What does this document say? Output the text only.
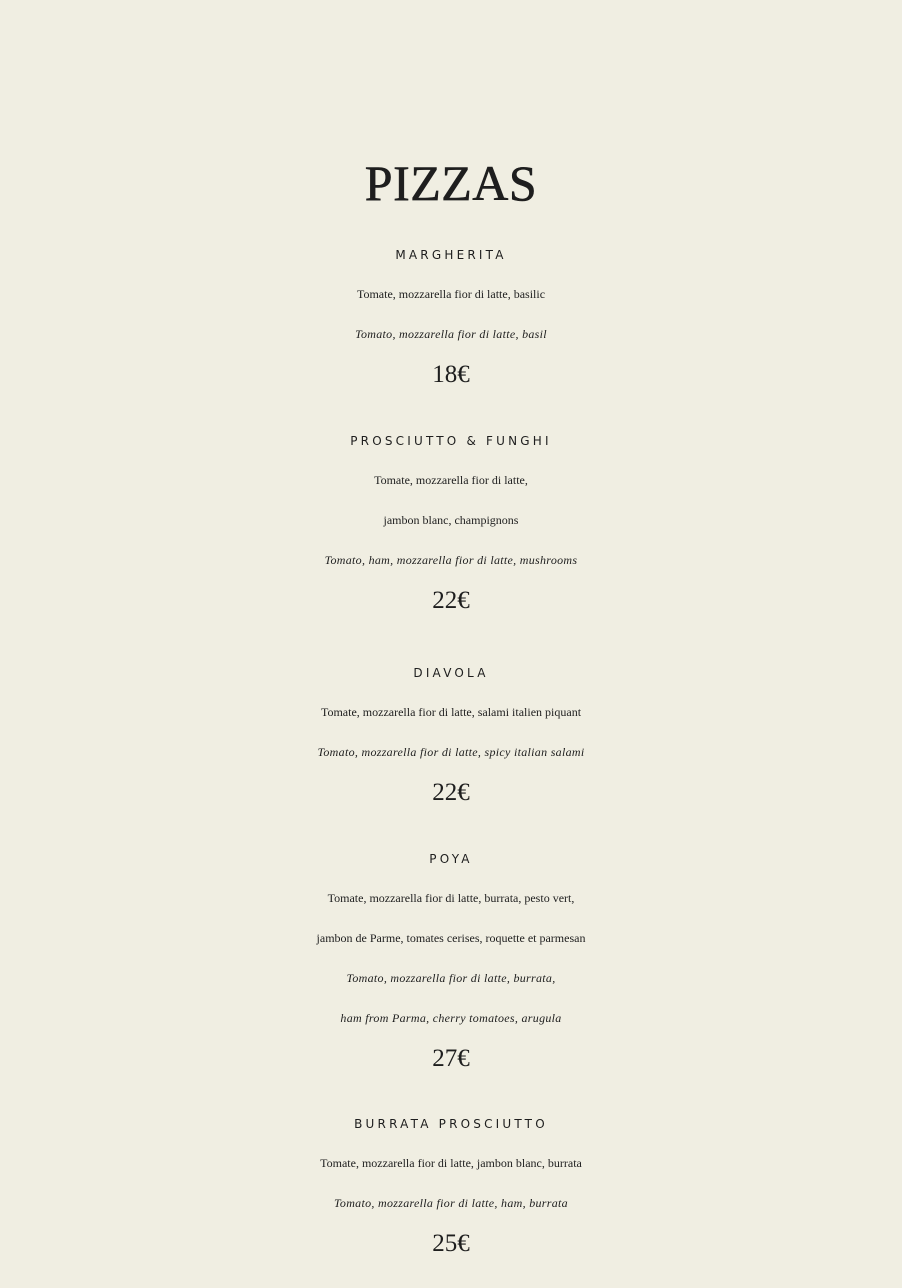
PIZZAS
MARGHERITA
Tomate, mozzarella fior di latte, basilic
Tomato, mozzarella fior di latte, basil
18€
PROSCIUTTO & FUNGHI
Tomate, mozzarella fior di latte,
jambon blanc, champignons
Tomato, ham, mozzarella fior di latte, mushrooms
22€
DIAVOLA
Tomate, mozzarella fior di latte, salami italien piquant
Tomato, mozzarella fior di latte, spicy italian salami
22€
POYA
Tomate, mozzarella fior di latte, burrata, pesto vert,
jambon de Parme, tomates cerises, roquette et parmesan
Tomato, mozzarella fior di latte, burrata,
ham from Parma, cherry tomatoes, arugula
27€
BURRATA PROSCIUTTO
Tomate, mozzarella fior di latte, jambon blanc, burrata
Tomato, mozzarella fior di latte, ham, burrata
25€
